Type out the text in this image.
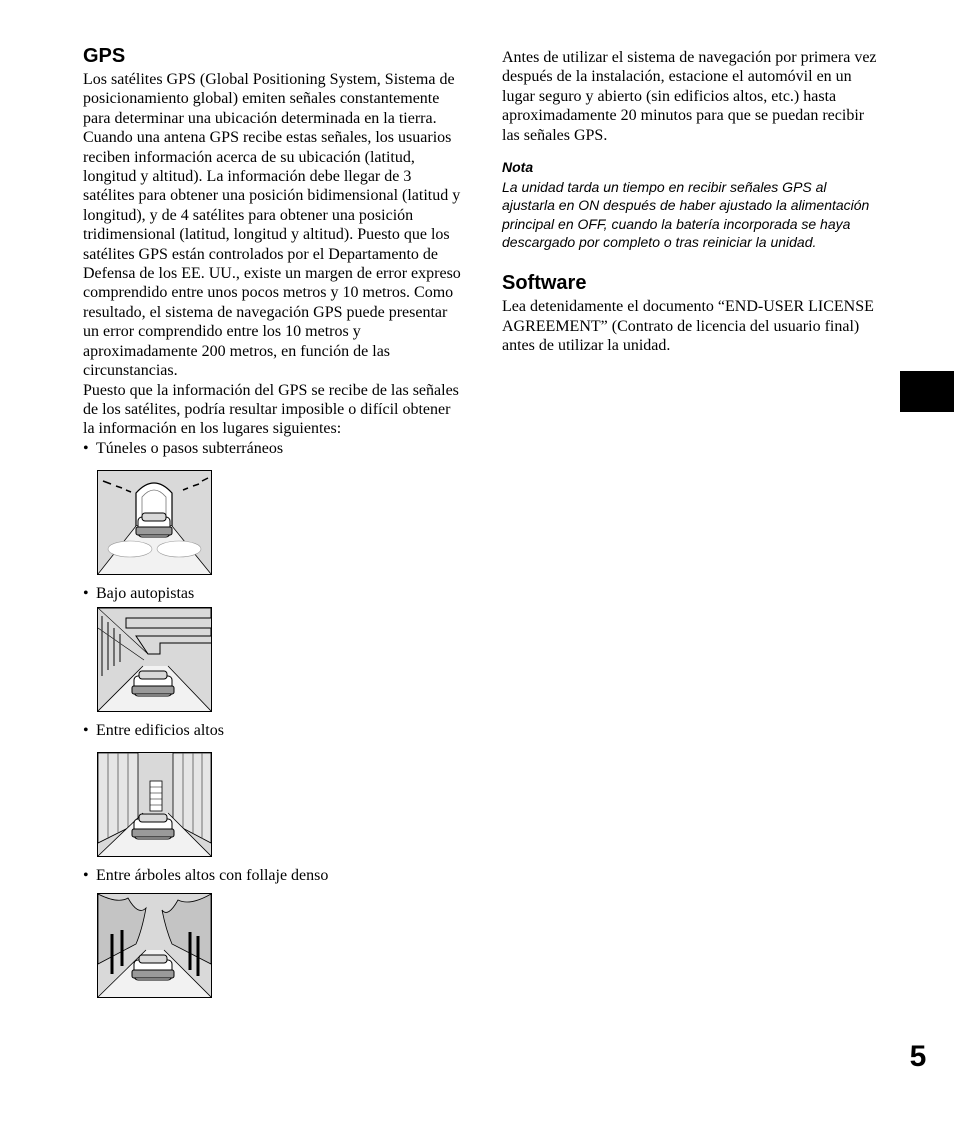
GPS

Los satélites GPS (Global Positioning System, Sistema de posicionamiento global) emiten señales constantemente para determinar una ubicación determinada en la tierra. Cuando una antena GPS recibe estas señales, los usuarios reciben información acerca de su ubicación (latitud, longitud y altitud). La información debe llegar de 3 satélites para obtener una posición bidimensional (latitud y longitud), y de 4 satélites para obtener una posición tridimensional (latitud, longitud y altitud). Puesto que los satélites GPS están controlados por el Departamento de Defensa de los EE. UU., existe un margen de error expreso comprendido entre unos pocos metros y 10 metros. Como resultado, el sistema de navegación GPS puede presentar un error comprendido entre los 10 metros y aproximadamente 200 metros, en función de las circunstancias.

Puesto que la información del GPS se recibe de las señales de los satélites, podría resultar imposible o difícil obtener la información en los lugares siguientes:

• Túneles o pasos subterráneos

• Bajo autopistas

• Entre edificios altos

• Entre árboles altos con follaje denso

Antes de utilizar el sistema de navegación por primera vez después de la instalación, estacione el automóvil en un lugar seguro y abierto (sin edificios altos, etc.) hasta aproximadamente 20 minutos para que se puedan recibir las señales GPS.

Nota

La unidad tarda un tiempo en recibir señales GPS al ajustarla en ON después de haber ajustado la alimentación principal en OFF, cuando la batería incorporada se haya descargado por completo o tras reiniciar la unidad.

Software

Lea detenidamente el documento “END-USER LICENSE AGREEMENT” (Contrato de licencia del usuario final) antes de utilizar la unidad.

5
